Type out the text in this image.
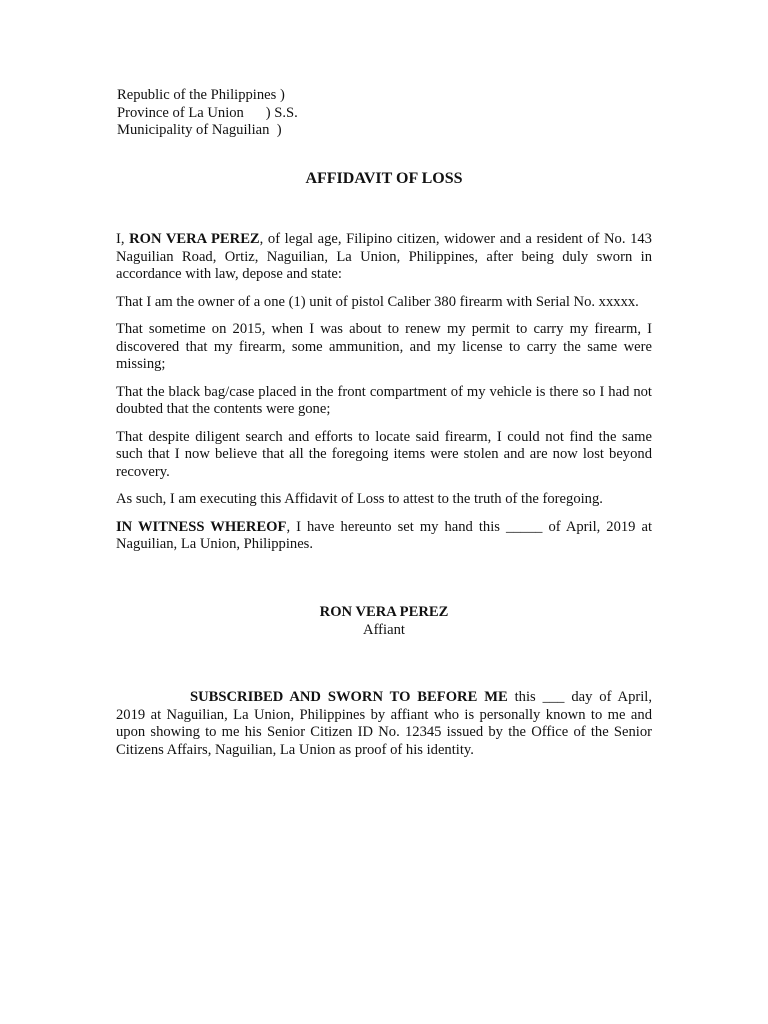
Republic of the Philippines )
Province of La Union      ) S.S.
Municipality of Naguilian  )
AFFIDAVIT OF LOSS

I, RON VERA PEREZ, of legal age, Filipino citizen, widower and a resident of No. 143 Naguilian Road, Ortiz, Naguilian, La Union, Philippines, after being duly sworn in accordance with law, depose and state:

That I am the owner of a one (1) unit of pistol Caliber 380 firearm with Serial No. xxxxx.

That sometime on 2015, when I was about to renew my permit to carry my firearm, I discovered that my firearm, some ammunition, and my license to carry the same were missing;

That the black bag/case placed in the front compartment of my vehicle is there so I had not doubted that the contents were gone;

That despite diligent search and efforts to locate said firearm, I could not find the same such that I now believe that all the foregoing items were stolen and are now lost beyond recovery.

As such, I am executing this Affidavit of Loss to attest to the truth of the foregoing.

IN WITNESS WHEREOF, I have hereunto set my hand this _____ of April, 2019 at Naguilian, La Union, Philippines.

RON VERA PEREZ
Affiant
SUBSCRIBED AND SWORN TO BEFORE ME this ___ day of April, 2019 at Naguilian, La Union, Philippines by affiant who is personally known to me and upon showing to me his Senior Citizen ID No. 12345 issued by the Office of the Senior Citizens Affairs, Naguilian, La Union as proof of his identity.
